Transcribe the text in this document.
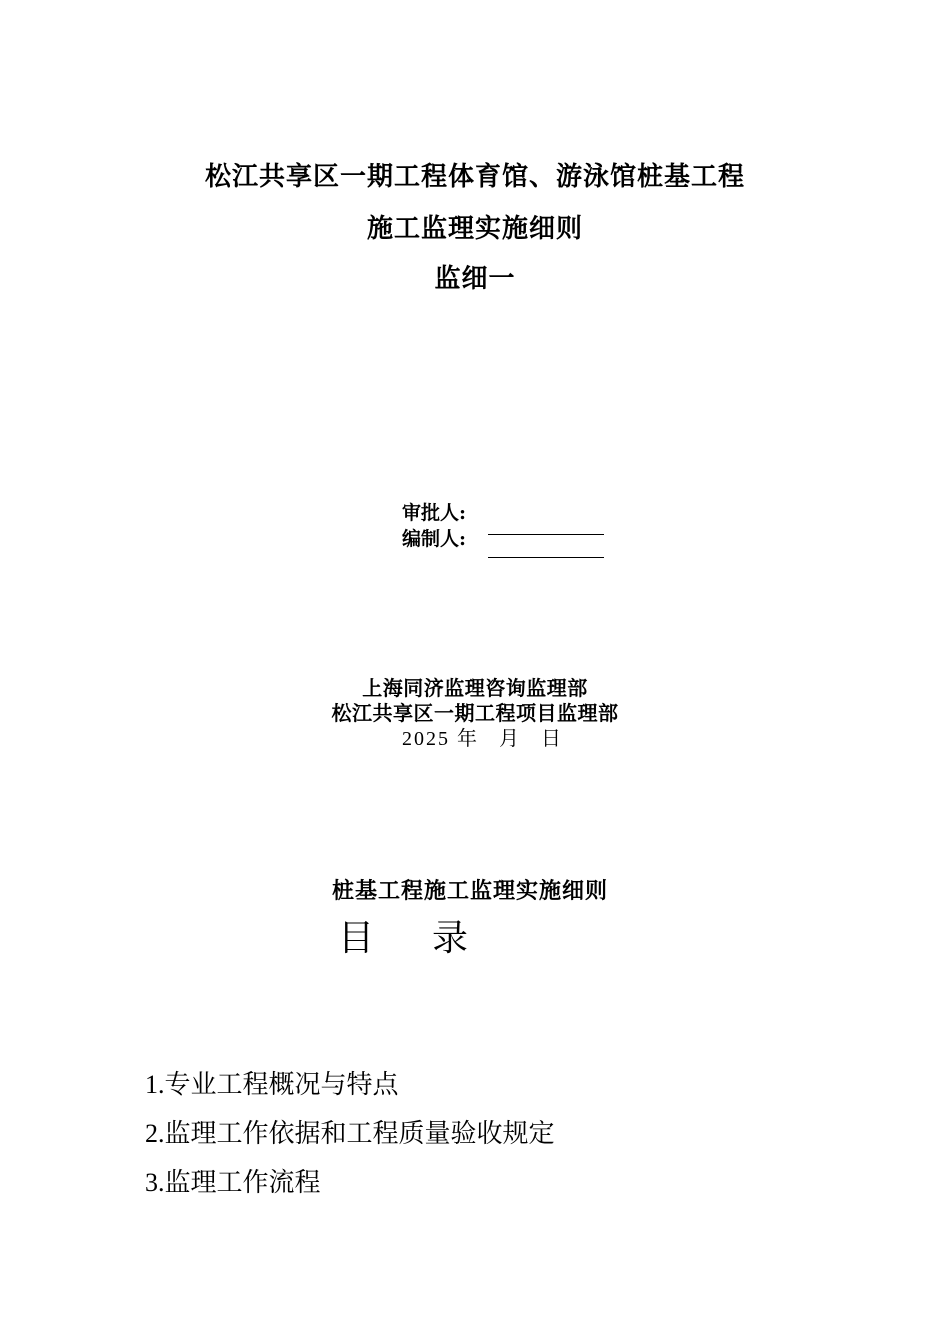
松江共享区一期工程体育馆、游泳馆桩基工程
施工监理实施细则
监细一
审批人:
编制人:
上海同济监理咨询监理部
松江共享区一期工程项目监理部
2025 年 月 日
桩基工程施工监理实施细则
目 录
1.专业工程概况与特点
2.监理工作依据和工程质量验收规定
3.监理工作流程
